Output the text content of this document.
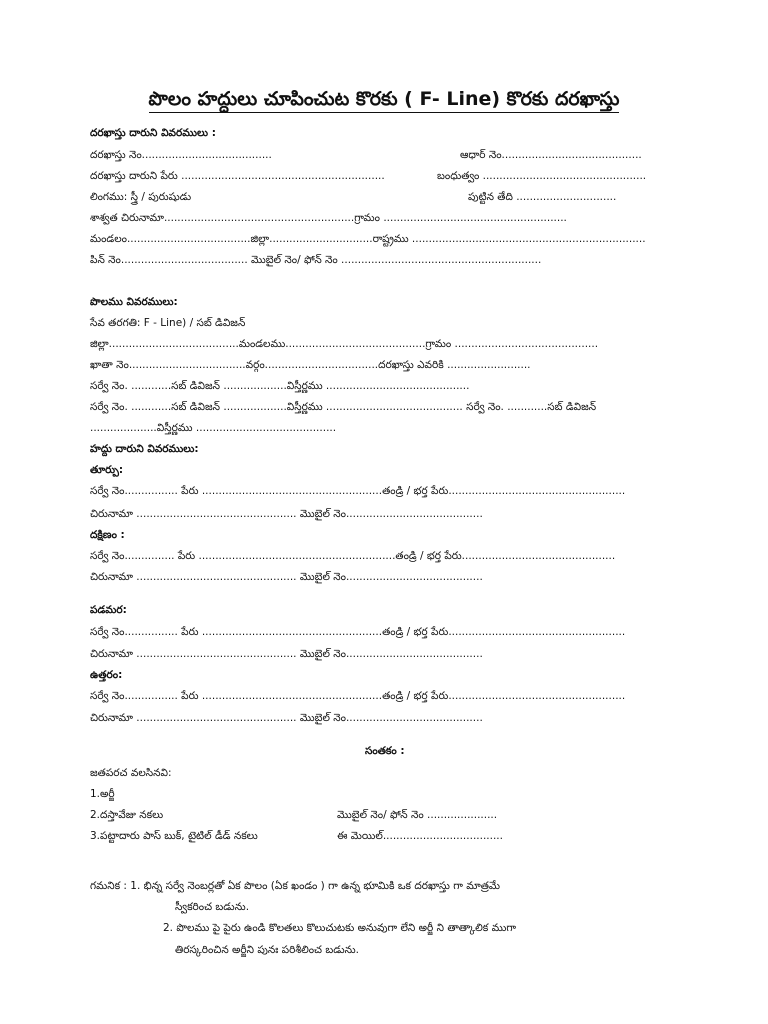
పొలం హద్దులు చూపించుట కొరకు ( F- Line) కొరకు దరఖాస్తు
దరఖాస్తు దారుని వివరములు :
దరఖాస్తు నెం.......................................	ఆధార్ నెం..........................................
దరఖాస్తు దారుని పేరు .............................................................	బంధుత్వం .................................................
లింగము: స్త్రీ / పురుషుడు	పుట్టిన తేది ..............................
శాశ్వత చిరునామా.........................................................గ్రామం .......................................................
మండలం.....................................జిల్లా...............................రాష్ట్రము ......................................................................
పిన్ నెం...................................... మొబైల్ నెం/ ఫోన్ నెం ............................................................
పొలము వివరములు:
సేవ తరగతి: F - Line) / సబ్ డివిజన్
జిల్లా.......................................మండలము..........................................గ్రామం ...........................................
ఖాతా నెం...................................వర్గం..................................దరఖాస్తు ఎవరికి .........................
సర్వే నెం. ............సబ్ డివిజన్ ...................విస్తీర్ణము ...........................................
సర్వే నెం. ............సబ్ డివిజన్ ...................విస్తీర్ణము ......................................... సర్వే నెం. ............సబ్ డివిజన్
....................విస్తీర్ణము ..........................................
హద్దు దారుని వివరములు:
తూర్పు:
సర్వే నెం................ పేరు ......................................................తండ్రి / భర్త పేరు.....................................................
చిరునామా ................................................ మొబైల్ నెం.........................................
దక్షిణం :
సర్వే నెం............... పేరు ...........................................................తండ్రి / భర్త పేరు..............................................
చిరునామా ................................................ మొబైల్ నెం.........................................
పడమర:
సర్వే నెం................ పేరు ......................................................తండ్రి / భర్త పేరు.....................................................
చిరునామా ................................................ మొబైల్ నెం.........................................
ఉత్తరం:
సర్వే నెం................ పేరు ......................................................తండ్రి / భర్త పేరు.....................................................
చిరునామా ................................................ మొబైల్ నెం.........................................
సంతకం :
జతపరచ వలసినవి:
1.అర్జీ
2.దస్తావేజు నకలు	మొబైల్ నెం/ ఫోన్ నెం .....................
3.పట్టాదారు పాస్ బుక్, టైటిల్ డీడ్ నకలు	ఈ మెయిల్....................................
గమనిక : 1. భిన్న సర్వే నెంబర్లతో ఏక పొలం (ఏక ఖండం ) గా ఉన్న భూమికి ఒక దరఖాస్తు గా మాత్రమే
స్వీకరించ బడును.
2. పొలము పై పైరు ఉండి కొలతలు కొలుచుటకు అనువుగా లేని అర్జీ ని తాత్కాలిక ముగా
తిరస్కరించిన అర్జీని పునః పరిశీలించ బడును.
